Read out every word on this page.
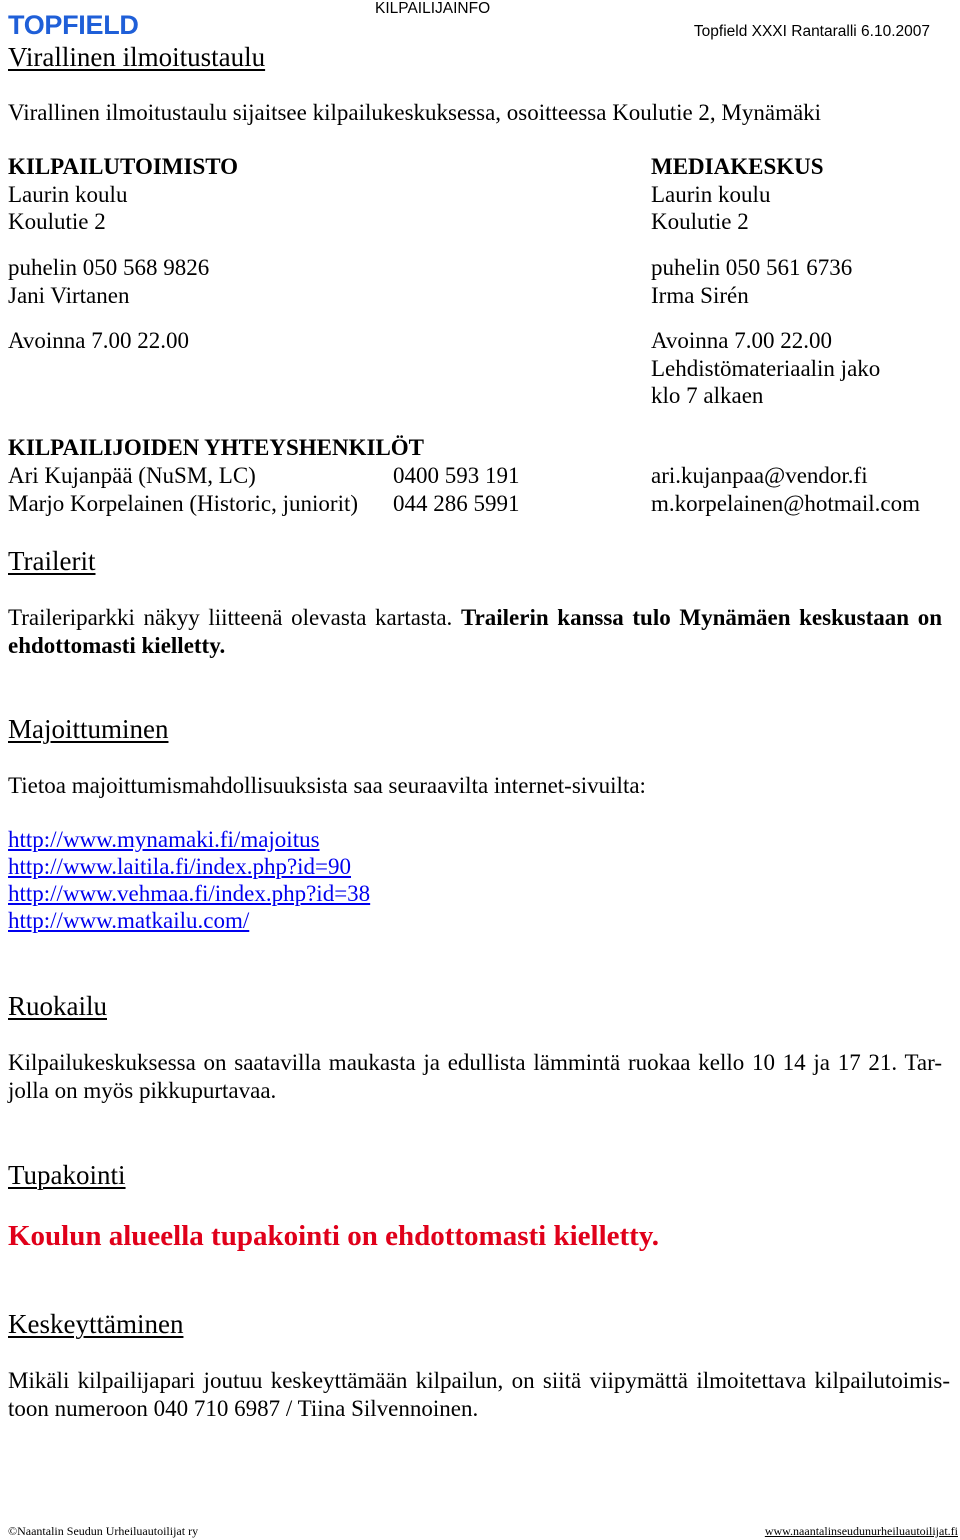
TOPFIELD
KILPAILIJAINFO
Topfield XXXI Rantaralli 6.10.2007
Virallinen ilmoitustaulu
Virallinen ilmoitustaulu sijaitsee kilpailukeskuksessa, osoitteessa Koulutie 2, Mynämäki
KILPAILUTOIMISTO
Laurin koulu
Koulutie 2
puhelin 050 568 9826
Jani Virtanen
Avoinna 7.00 22.00
MEDIAKESKUS
Laurin koulu
Koulutie 2
puhelin 050 561 6736
Irma Sirén
Avoinna 7.00 22.00
Lehdistömateriaalin jako
klo 7 alkaen
KILPAILIJOIDEN YHTEYSHENKILÖT
Ari Kujanpää (NuSM, LC)	0400 593 191	ari.kujanpaa@vendor.fi
Marjo Korpelainen (Historic, juniorit) 044 286 5991	m.korpelainen@hotmail.com
Trailerit
Traileriparkki näkyy liitteenä olevasta kartasta. Trailerin kanssa tulo Mynämäen keskustaan on
ehdottomasti kielletty.
Majoittuminen
Tietoa majoittumismahdollisuuksista saa seuraavilta internet-sivuilta:
http://www.mynamaki.fi/majoitus
http://www.laitila.fi/index.php?id=90
http://www.vehmaa.fi/index.php?id=38
http://www.matkailu.com/
Ruokailu
Kilpailukeskuksessa on saatavilla maukasta ja edullista lämmintä ruokaa kello 10 14 ja 17 21. Tar-
jolla on myös pikkupurtavaa.
Tupakointi
Koulun alueella tupakointi on ehdottomasti kielletty.
Keskeyttäminen
Mikäli kilpailijapari joutuu keskeyttämään kilpailun, on siitä viipymättä ilmoitettava kilpailutoimis-
toon numeroon 040 710 6987 / Tiina Silvennoinen.
©Naantalin Seudun Urheiluautoilijat ry	www.naantalinseudunurheiluautoilijat.fi
